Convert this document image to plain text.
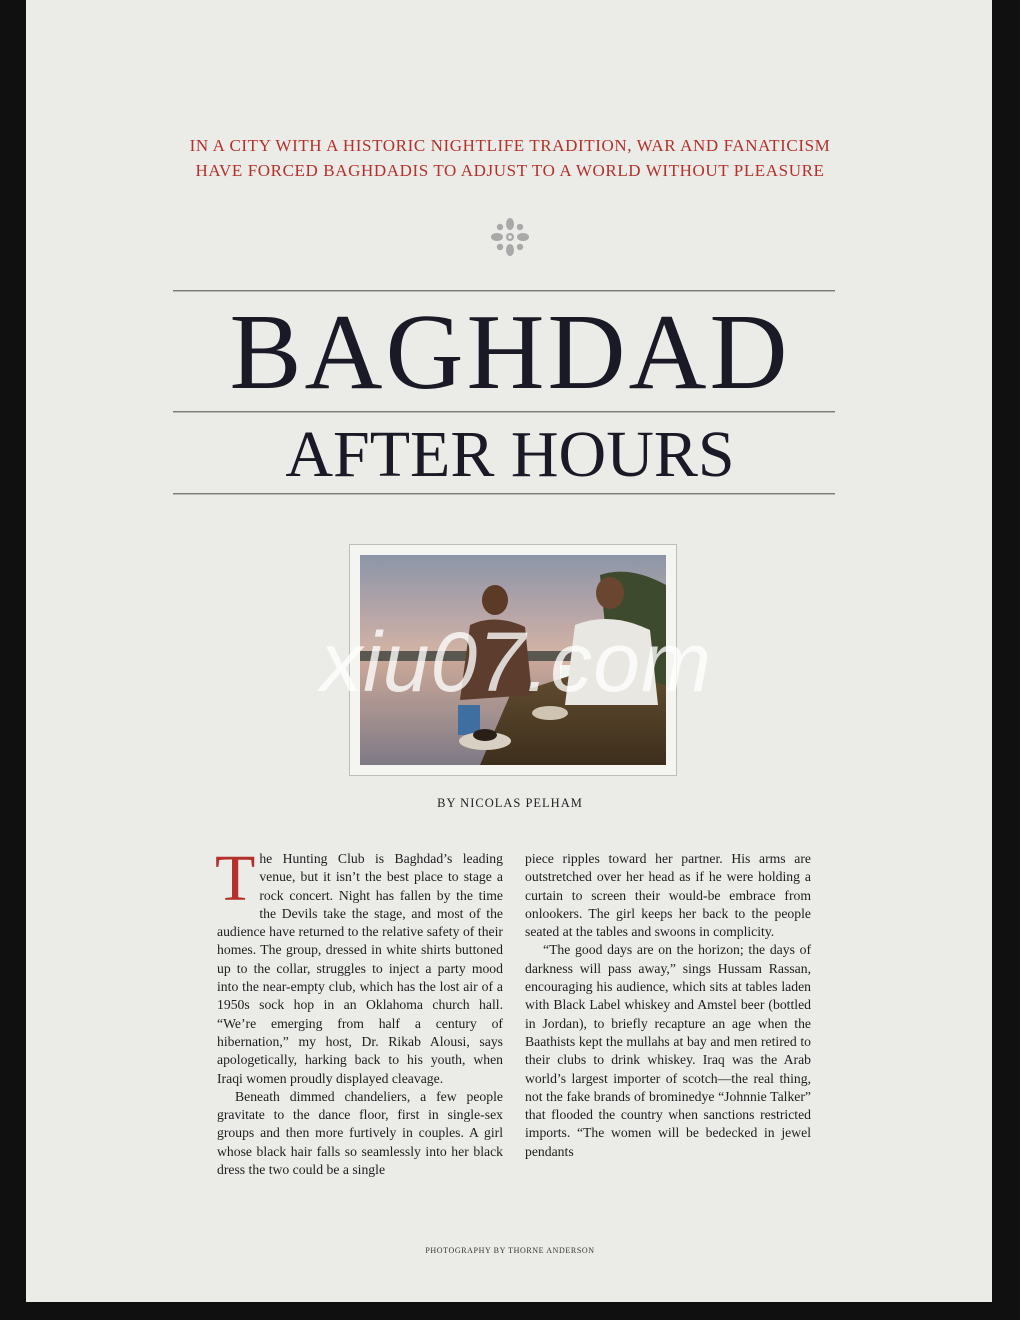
IN A CITY WITH A HISTORIC NIGHTLIFE TRADITION, WAR AND FANATICISM
HAVE FORCED BAGHDADIS TO ADJUST TO A WORLD WITHOUT PLEASURE
BAGHDAD
AFTER HOURS
xiu07.com
BY NICOLAS PELHAM

The Hunting Club is Baghdad’s leading venue, but it isn’t the best place to stage a rock concert. Night has fallen by the time the Devils take the stage, and most of the audience have returned to the relative safety of their homes. The group, dressed in white shirts buttoned up to the collar, struggles to inject a party mood into the near-empty club, which has the lost air of a 1950s sock hop in an Oklahoma church hall. “We’re emerging from half a century of hibernation,” my host, Dr. Rikab Alousi, says apologetically, harking back to his youth, when Iraqi women proudly displayed cleavage.

Beneath dimmed chandeliers, a few people gravitate to the dance floor, first in single-sex groups and then more furtively in couples. A girl whose black hair falls so seamlessly into her black dress the two could be a single

piece ripples toward her partner. His arms are outstretched over her head as if he were holding a curtain to screen their would-be embrace from onlookers. The girl keeps her back to the people seated at the tables and swoons in complicity.

“The good days are on the horizon; the days of darkness will pass away,” sings Hussam Rassan, encouraging his audience, which sits at tables laden with Black Label whiskey and Amstel beer (bottled in Jordan), to briefly recapture an age when the Baathists kept the mullahs at bay and men retired to their clubs to drink whiskey. Iraq was the Arab world’s largest importer of scotch—the real thing, not the fake brands of brominedye “Johnnie Talker” that flooded the country when sanctions restricted imports. “The women will be bedecked in jewel pendants

PHOTOGRAPHY BY THORNE ANDERSON
